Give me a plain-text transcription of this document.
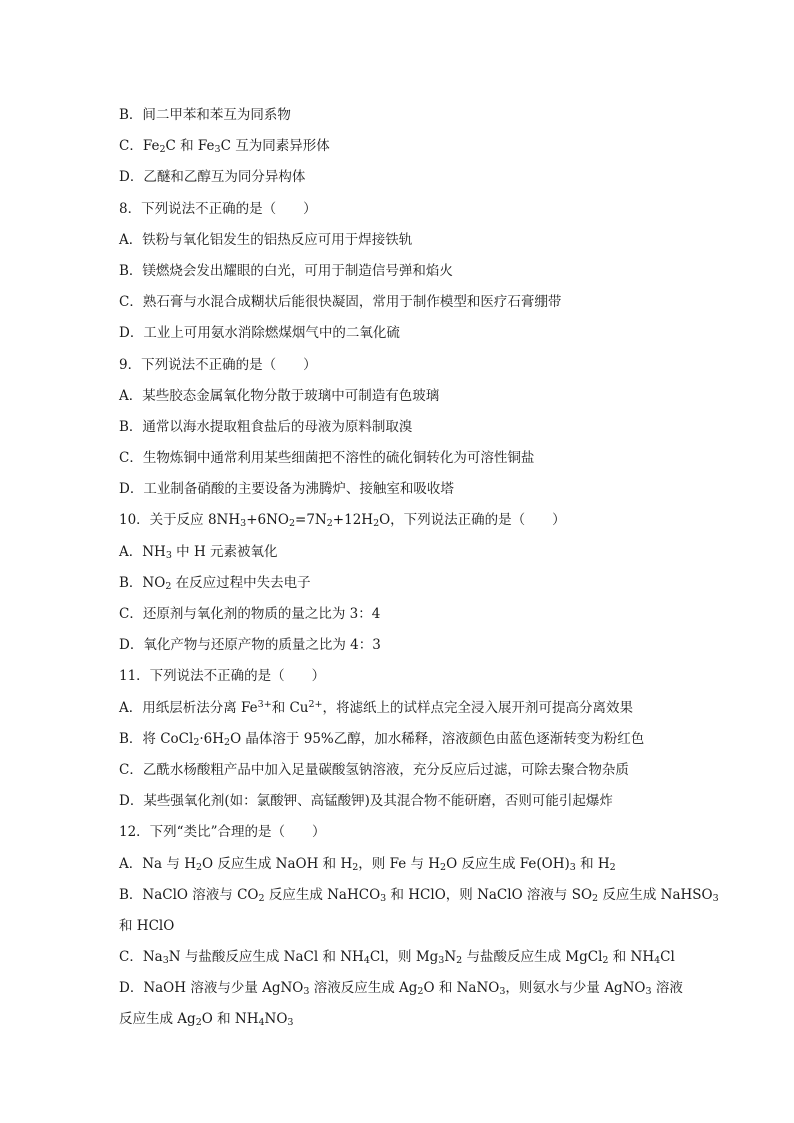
B．间二甲苯和苯互为同系物
C．$Fe_2C$ 和 $Fe_3C$ 互为同素异形体
D．乙醚和乙醇互为同分异构体
8．下列说法不正确的是（　　）
A．铁粉与氧化铝发生的铝热反应可用于焊接铁轨
B．镁燃烧会发出耀眼的白光，可用于制造信号弹和焰火
C．熟石膏与水混合成糊状后能很快凝固，常用于制作模型和医疗石膏绷带
D．工业上可用氨水消除燃煤烟气中的二氧化硫
9．下列说法不正确的是（　　）
A．某些胶态金属氧化物分散于玻璃中可制造有色玻璃
B．通常以海水提取粗食盐后的母液为原料制取溴
C．生物炼铜中通常利用某些细菌把不溶性的硫化铜转化为可溶性铜盐
D．工业制备硝酸的主要设备为沸腾炉、接触室和吸收塔
10．关于反应 $8NH_3+6NO_2=7N_2+12H_2O$，下列说法正确的是（　　）
A．$NH_3$ 中 H 元素被氧化
B．$NO_2$ 在反应过程中失去电子
C．还原剂与氧化剂的物质的量之比为 3：4
D．氧化产物与还原产物的质量之比为 4：3
11．下列说法不正确的是（　　）
A．用纸层析法分离 $Fe^{3+}$和 $Cu^{2+}$，将滤纸上的试样点完全浸入展开剂可提高分离效果
B．将 $CoCl_2\cdot 6H_2O$ 晶体溶于 95%乙醇，加水稀释，溶液颜色由蓝色逐渐转变为粉红色
C．乙酰水杨酸粗产品中加入足量碳酸氢钠溶液，充分反应后过滤，可除去聚合物杂质
D．某些强氧化剂(如：氯酸钾、高锰酸钾)及其混合物不能研磨，否则可能引起爆炸
12．下列“类比”合理的是（　　）
A．Na 与 $H_2O$ 反应生成 NaOH 和 $H_2$，则 Fe 与 $H_2O$ 反应生成 $Fe(OH)_3$ 和 $H_2$
B．NaClO 溶液与 $CO_2$ 反应生成 NaHCO$_3$ 和 HClO，则 NaClO 溶液与 $SO_2$ 反应生成 NaHSO$_3$
和 HClO
C．$Na_3N$ 与盐酸反应生成 NaCl 和 $NH_4Cl$，则 $Mg_3N_2$ 与盐酸反应生成 MgCl$_2$ 和 $NH_4Cl$
D．NaOH 溶液与少量 AgNO$_3$ 溶液反应生成 $Ag_2O$ 和 NaNO$_3$，则氨水与少量 AgNO$_3$ 溶液
反应生成 $Ag_2O$ 和 $NH_4NO_3$
